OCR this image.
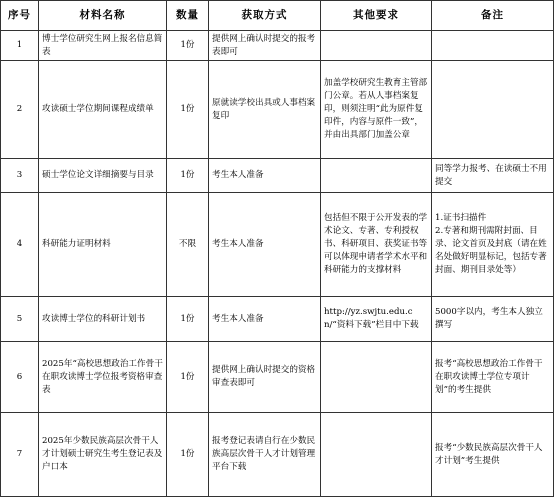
序号	材料名称	数量	获取方式	其他要求	备注
1	博士学位研究生网上报名信息简表	1份	提供网上确认时提交的报考表即可		
2	攻读硕士学位期间课程成绩单	1份	原就读学校出具或人事档案复印	加盖学校研究生教育主管部门公章。若从人事档案复印，则须注明“此为原件复印件，内容与原件一致”，并由出具部门加盖公章	
3	硕士学位论文详细摘要与目录	1份	考生本人准备		同等学力报考、在读硕士不用提交
4	科研能力证明材料	不限	考生本人准备	包括但不限于公开发表的学术论文、专著、专利授权书、科研项目、获奖证书等可以体现申请者学术水平和科研能力的支撑材料	1.证书扫描件
2.专著和期刊需附封面、目录、论文首页及封底（请在姓名处做好明显标记，包括专著封面、期刊目录处等）

5	攻读博士学位的科研计划书	1份	考生本人准备	http://yz.swjtu.edu.cn/“资料下载”栏目中下载	5000字以内，考生本人独立撰写
6	2025年“高校思想政治工作骨干在职攻读博士学位报考资格审查表	1份	提供网上确认时提交的资格审查表即可		报考“高校思想政治工作骨干在职攻读博士学位专项计划”的考生提供
7	2025年少数民族高层次骨干人才计划硕士研究生考生登记表及户口本	1份	报考登记表请自行在少数民族高层次骨干人才计划管理平台下载		报考“少数民族高层次骨干人才计划”考生提供
